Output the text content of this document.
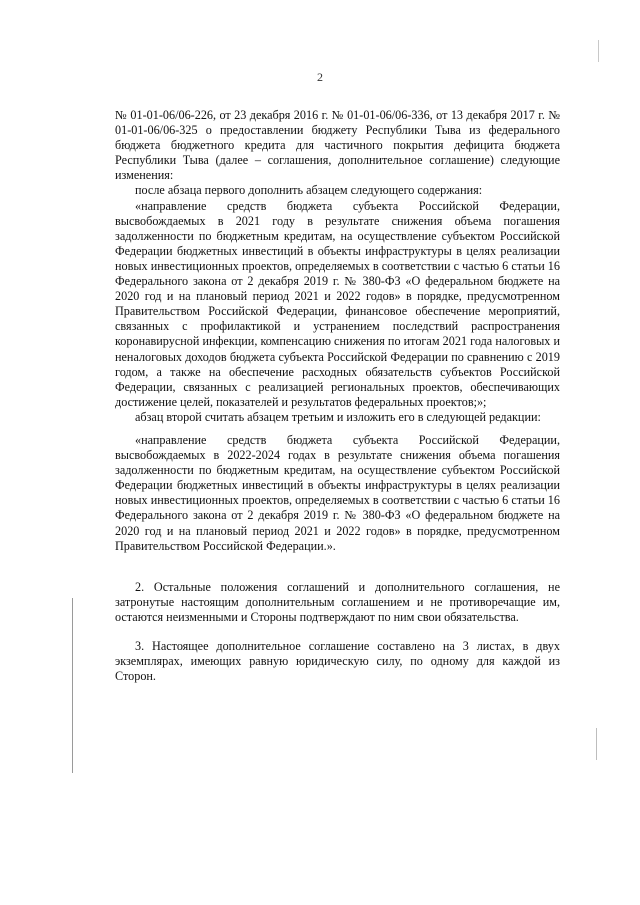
2

№ 01-01-06/06-226, от 23 декабря 2016 г. № 01-01-06/06-336, от 13 декабря 2017 г. № 01-01-06/06-325 о предоставлении бюджету Республики Тыва из федерального бюджета бюджетного кредита для частичного покрытия дефицита бюджета Республики Тыва (далее – соглашения, дополнительное соглашение) следующие изменения:

после абзаца первого дополнить абзацем следующего содержания:

«направление средств бюджета субъекта Российской Федерации, высвобождаемых в 2021 году в результате снижения объема погашения задолженности по бюджетным кредитам, на осуществление субъектом Российской Федерации бюджетных инвестиций в объекты инфраструктуры в целях реализации новых инвестиционных проектов, определяемых в соответствии с частью 6 статьи 16 Федерального закона от 2 декабря 2019 г. № 380-ФЗ «О федеральном бюджете на 2020 год и на плановый период 2021 и 2022 годов» в порядке, предусмотренном Правительством Российской Федерации, финансовое обеспечение мероприятий, связанных с профилактикой и устранением последствий распространения коронавирусной инфекции, компенсацию снижения по итогам 2021 года налоговых и неналоговых доходов бюджета субъекта Российской Федерации по сравнению с 2019 годом, а также на обеспечение расходных обязательств субъектов Российской Федерации, связанных с реализацией региональных проектов, обеспечивающих достижение целей, показателей и результатов федеральных проектов;»;

абзац второй считать абзацем третьим и изложить его в следующей редакции:

«направление средств бюджета субъекта Российской Федерации, высвобождаемых в 2022-2024 годах в результате снижения объема погашения задолженности по бюджетным кредитам, на осуществление субъектом Российской Федерации бюджетных инвестиций в объекты инфраструктуры в целях реализации новых инвестиционных проектов, определяемых в соответствии с частью 6 статьи 16 Федерального закона от 2 декабря 2019 г. № 380-ФЗ «О федеральном бюджете на 2020 год и на плановый период 2021 и 2022 годов» в порядке, предусмотренном Правительством Российской Федерации.».

2. Остальные положения соглашений и дополнительного соглашения, не затронутые настоящим дополнительным соглашением и не противоречащие им, остаются неизменными и Стороны подтверждают по ним свои обязательства.

3. Настоящее дополнительное соглашение составлено на 3 листах, в двух экземплярах, имеющих равную юридическую силу, по одному для каждой из Сторон.
